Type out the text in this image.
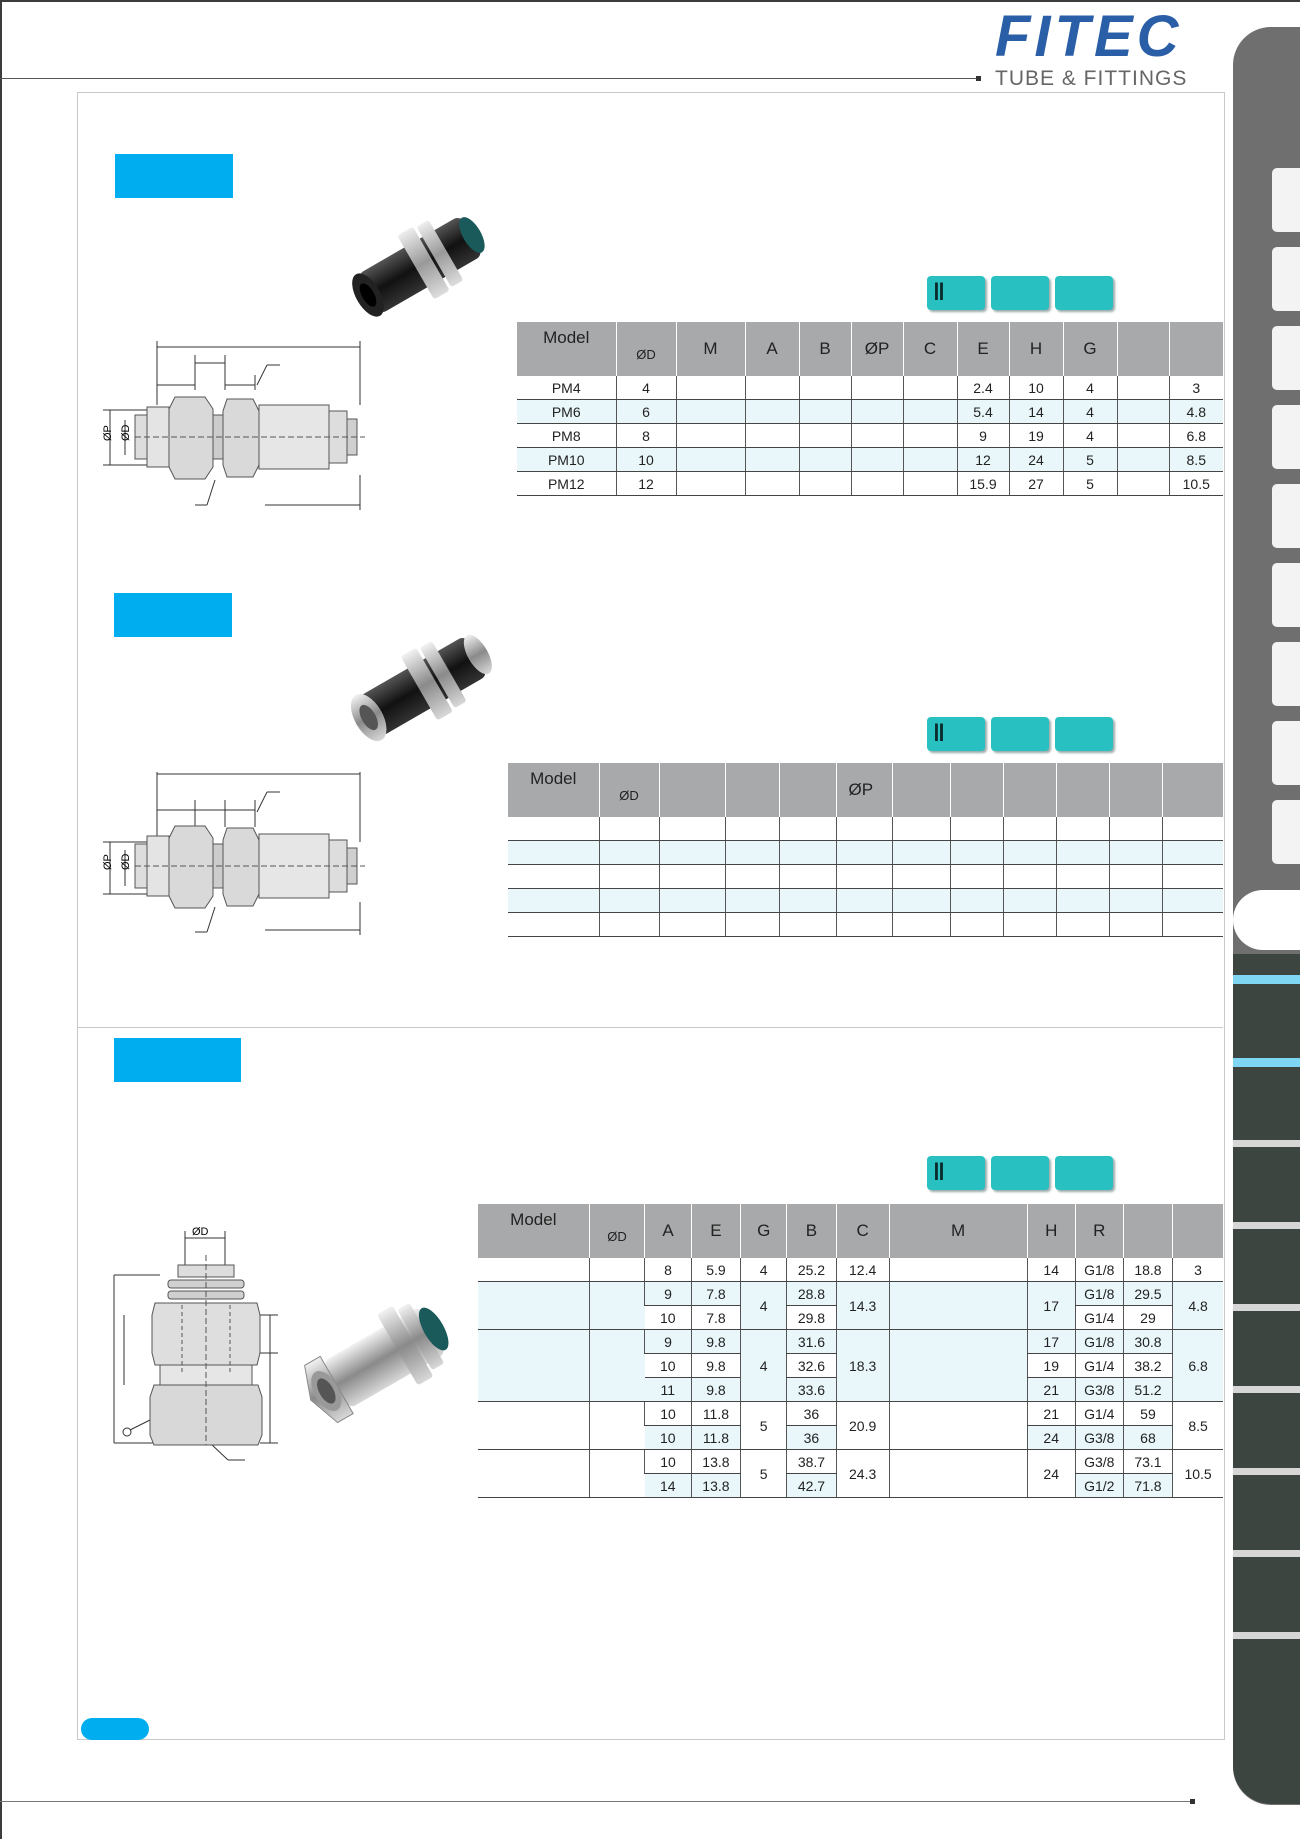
FITEC
TUBE & FITTINGS
ØP ØD
‖
Model	ØD	M	A	B	ØP	C	E	H	G		
PM4	4						2.4	10	4		3
PM6	6						5.4	14	4		4.8
PM8	8						9	19	4		6.8
PM10	10						12	24	5		8.5
PM12	12						15.9	27	5		10.5
ØP ØD
‖
Model	ØD				ØP						

ØD
‖
Model	ØD	A	E	G	B	C	M	H	R		
		8	5.9	4	25.2	12.4		14	G1/8	18.8	3
		9	7.8	4	28.8	14.3		17	G1/8	29.5	4.8
		10	7.8		29.8				G1/4	29	
		9	9.8	4	31.6	18.3		17	G1/8	30.8	6.8
		10	9.8		32.6			19	G1/4	38.2	
		11	9.8		33.6			21	G3/8	51.2	
		10	11.8	5	36	20.9		21	G1/4	59	8.5
		10	11.8		36			24	G3/8	68	
		10	13.8	5	38.7	24.3		24	G3/8	73.1	10.5
		14	13.8		42.7				G1/2	71.8	
